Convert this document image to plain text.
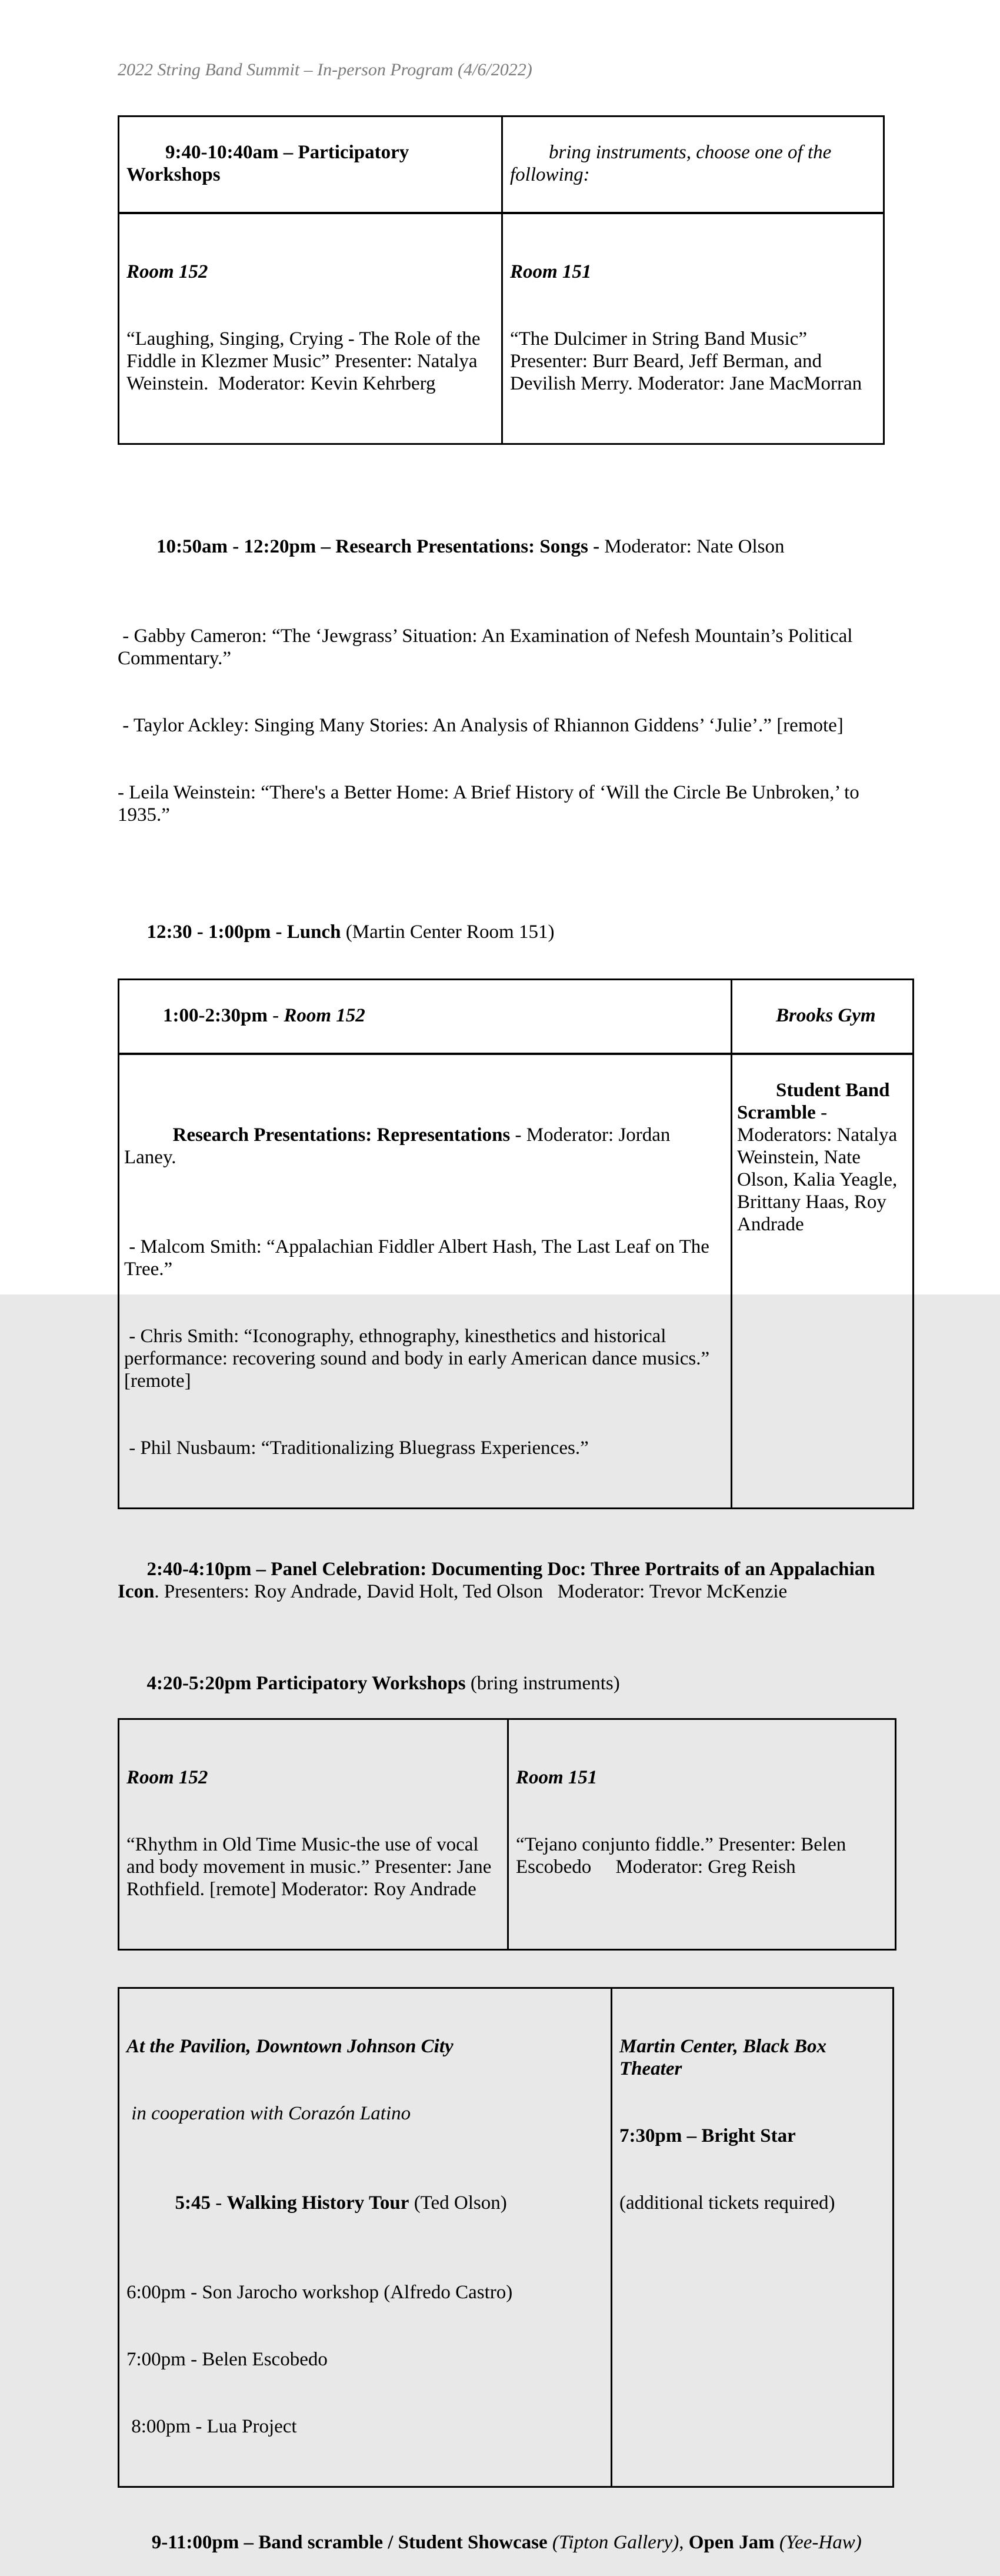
2022 String Band Summit – In-person Program (4/6/2022)

9:40-10:40am – Participatory Workshops

bring instruments, choose one of the following:

Room 152

“Laughing, Singing, Crying - The Role of the Fiddle in Klezmer Music” Presenter: Natalya Weinstein.  Moderator: Kevin Kehrberg

Room 151

“The Dulcimer in String Band Music” Presenter: Burr Beard, Jeff Berman, and Devilish Merry. Moderator: Jane MacMorran

10:50am - 12:20pm – Research Presentations: Songs - Moderator: Nate Olson

- Gabby Cameron: “The ‘Jewgrass’ Situation: An Examination of Nefesh Mountain’s Political Commentary.”

- Taylor Ackley: Singing Many Stories: An Analysis of Rhiannon Giddens’ ‘Julie’.” [remote]

- Leila Weinstein: “There's a Better Home: A Brief History of ‘Will the Circle Be Unbroken,’ to 1935.”

12:30 - 1:00pm - Lunch (Martin Center Room 151)

1:00-2:30pm - Room 152
	Brooks Gym

Research Presentations: Representations - Moderator: Jordan Laney.

- Malcom Smith: “Appalachian Fiddler Albert Hash, The Last Leaf on The Tree.”

- Chris Smith: “Iconography, ethnography, kinesthetics and historical performance: recovering sound and body in early American dance musics.” [remote]

- Phil Nusbaum: “Traditionalizing Bluegrass Experiences.”

Student Band Scramble - Moderators: Natalya Weinstein, Nate Olson, Kalia Yeagle, Brittany Haas, Roy Andrade

2:40-4:10pm – Panel Celebration: Documenting Doc: Three Portraits of an Appalachian Icon. Presenters: Roy Andrade, David Holt, Ted Olson   Moderator: Trevor McKenzie

4:20-5:20pm Participatory Workshops (bring instruments)

Room 152

“Rhythm in Old Time Music-the use of vocal and body movement in music.” Presenter: Jane Rothfield. [remote] Moderator: Roy Andrade

Room 151

“Tejano conjunto fiddle.” Presenter: Belen Escobedo     Moderator: Greg Reish

At the Pavilion, Downtown Johnson City

in cooperation with Corazón Latino

5:45 - Walking History Tour (Ted Olson)

6:00pm - Son Jarocho workshop (Alfredo Castro)

7:00pm - Belen Escobedo

8:00pm - Lua Project

Martin Center, Black Box Theater

7:30pm – Bright Star

(additional tickets required)

9-11:00pm – Band scramble / Student Showcase (Tipton Gallery), Open Jam (Yee-Haw)
